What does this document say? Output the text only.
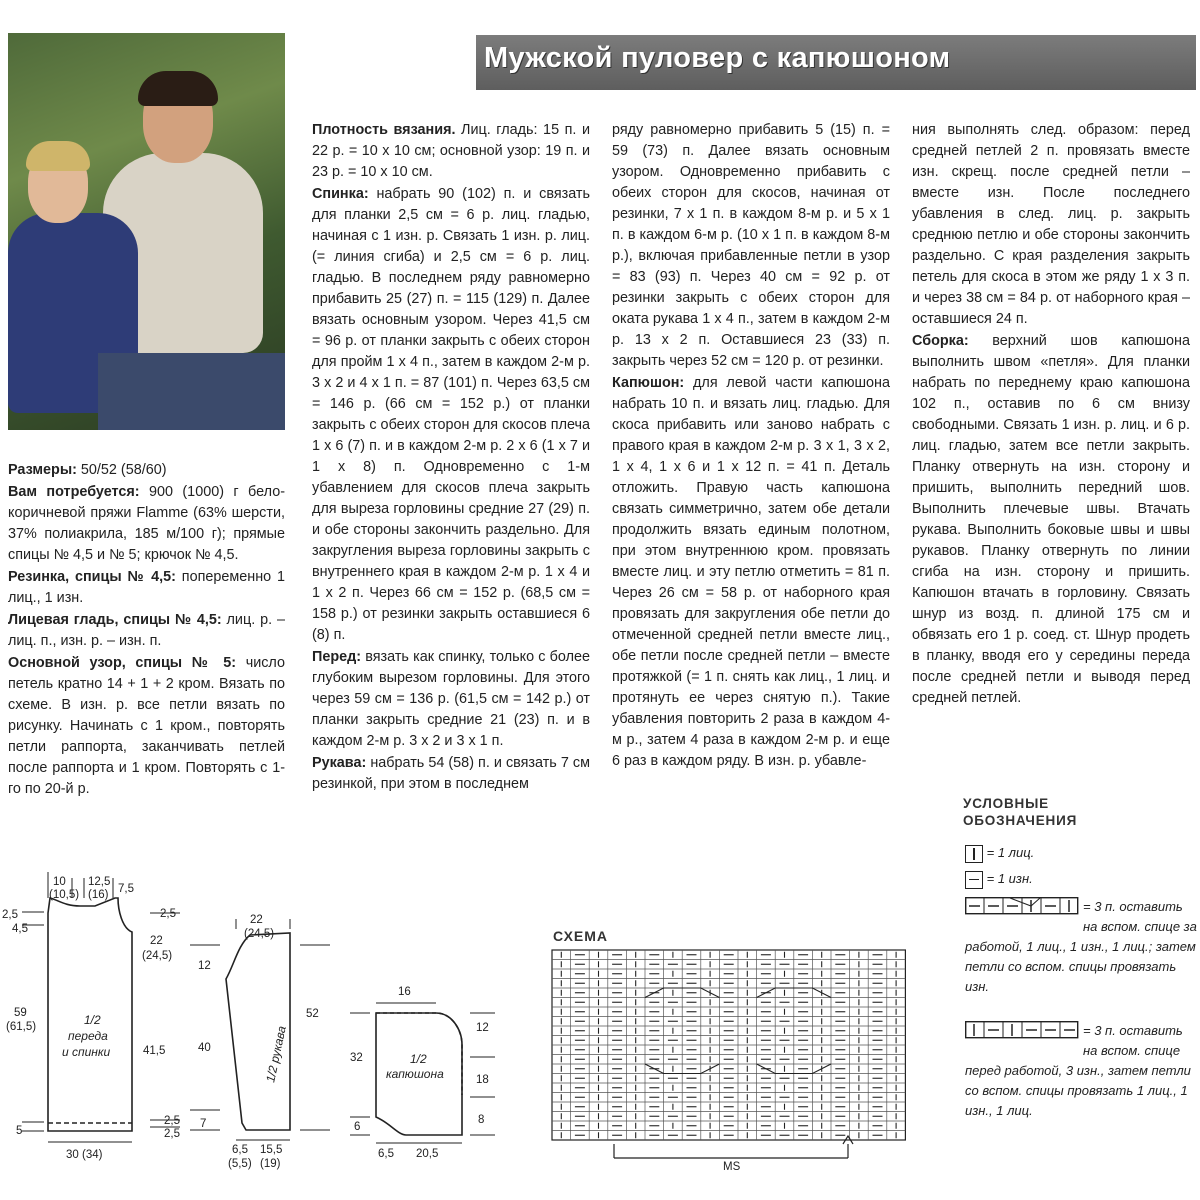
Мужской пуловер с капюшоном

Размеры: 50/52 (58/60)

Вам потребуется: 900 (1000) г бело-коричневой пряжи Flamme (63% шерсти, 37% полиакрила, 185 м/100 г); прямые спицы № 4,5 и № 5; крючок № 4,5.

Резинка, спицы № 4,5: попеременно 1 лиц., 1 изн.

Лицевая гладь, спицы № 4,5: лиц. р. – лиц. п., изн. р. – изн. п.

Основной узор, спицы № 5: число петель кратно 14 + 1 + 2 кром. Вязать по схеме. В изн. р. все петли вязать по рисунку. Начинать с 1 кром., повторять петли раппорта, заканчивать петлей после раппорта и 1 кром. Повторять с 1-го по 20-й р.

Плотность вязания. Лиц. гладь: 15 п. и 22 р. = 10 х 10 см; основной узор: 19 п. и 23 р. = 10 х 10 см.

Спинка: набрать 90 (102) п. и связать для планки 2,5 см = 6 р. лиц. гладью, начиная с 1 изн. р. Связать 1 изн. р. лиц. (= линия сгиба) и 2,5 см = 6 р. лиц. гладью. В последнем ряду равномерно прибавить 25 (27) п. = 115 (129) п. Далее вязать основным узором. Через 41,5 см = 96 р. от планки закрыть с обеих сторон для пройм 1 х 4 п., затем в каждом 2-м р. 3 х 2 и 4 х 1 п. = 87 (101) п. Через 63,5 см = 146 р. (66 см = 152 р.) от планки закрыть с обеих сторон для скосов плеча 1 х 6 (7) п. и в каждом 2-м р. 2 х 6 (1 х 7 и 1 х 8) п. Одновременно с 1-м убавлением для скосов плеча закрыть для выреза горловины средние 27 (29) п. и обе стороны закончить раздельно. Для закругления выреза горловины закрыть с внутреннего края в каждом 2-м р. 1 х 4 и 1 х 2 п. Через 66 см = 152 р. (68,5 см = 158 р.) от резинки закрыть оставшиеся 6 (8) п.

Перед: вязать как спинку, только с более глубоким вырезом горловины. Для этого через 59 см = 136 р. (61,5 см = 142 р.) от планки закрыть средние 21 (23) п. и в каждом 2-м р. 3 х 2 и 3 х 1 п.

Рукава: набрать 54 (58) п. и связать 7 см резинкой, при этом в последнем

ряду равномерно прибавить 5 (15) п. = 59 (73) п. Далее вязать основным узором. Одновременно прибавить с обеих сторон для скосов, начиная от резинки, 7 х 1 п. в каждом 8-м р. и 5 х 1 п. в каждом 6-м р. (10 х 1 п. в каждом 8-м р.), включая прибавленные петли в узор = 83 (93) п. Через 40 см = 92 р. от резинки закрыть с обеих сторон для оката рукава 1 х 4 п., затем в каждом 2-м р. 13 х 2 п. Оставшиеся 23 (33) п. закрыть через 52 см = 120 р. от резинки.

Капюшон: для левой части капюшона набрать 10 п. и вязать лиц. гладью. Для скоса прибавить или заново набрать с правого края в каждом 2-м р. 3 х 1, 3 х 2, 1 х 4, 1 х 6 и 1 х 12 п. = 41 п. Деталь отложить. Правую часть капюшона связать симметрично, затем обе детали продолжить вязать единым полотном, при этом внутреннюю кром. провязать вместе лиц. и эту петлю отметить = 81 п. Через 26 см = 58 р. от наборного края провязать для закругления обе петли до отмеченной средней петли вместе лиц., обе петли после средней петли – вместе протяжкой (= 1 п. снять как лиц., 1 лиц. и протянуть ее через снятую п.). Такие убавления повторить 2 раза в каждом 4-м р., затем 4 раза в каждом 2-м р. и еще 6 раз в каждом ряду. В изн. р. убавле-

ния выполнять след. образом: перед средней петлей 2 п. провязать вместе изн. скрещ. после средней петли – вместе изн. После последнего убавления в след. лиц. р. закрыть среднюю петлю и обе стороны закончить раздельно. С края разделения закрыть петель для скоса в этом же ряду 1 х 3 п. и через 38 см = 84 р. от наборного края – оставшиеся 24 п.

Сборка: верхний шов капюшона выполнить швом «петля». Для планки набрать по переднему краю капюшона 102 п., оставив по 6 см внизу свободными. Связать 1 изн. р. лиц. и 6 р. лиц. гладью, затем все петли закрыть. Планку отвернуть на изн. сторону и пришить, выполнить передний шов. Выполнить плечевые швы. Втачать рукава. Выполнить боковые швы и швы рукавов. Планку отвернуть по линии сгиба на изн. сторону и пришить. Капюшон втачать в горловину. Связать шнур из возд. п. длиной 175 см и обвязать его 1 р. соед. ст. Шнур продеть в планку, вводя его у середины переда после средней петли и выводя перед средней петлей.

УСЛОВНЫЕ ОБОЗНАЧЕНИЯ

= 1 лиц.
= 1 изн.
= 3 п. оставить на вспом. спице за работой, 1 лиц., 1 изн., 1 лиц.; затем петли со вспом. спицы провязать изн.
= 3 п. оставить на вспом. спице перед работой, 3 изн., затем петли со вспом. спицы провязать 1 лиц., 1 изн., 1 лиц.

СХЕМА

MS
10
(10,5)
12,5
(16) 7,5
2,5
4,5
59
(61,5)
5
2,5
22
(24,5)
41,5
2,5
2,5
30 (34)
1/2
переда
и спинки
22
(24,5)
12
40
7
52
6,5
(5,5)
15,5
(19)
1/2 рукава
16
32
6
12
18
8
6,5 20,5
1/2
капюшона
